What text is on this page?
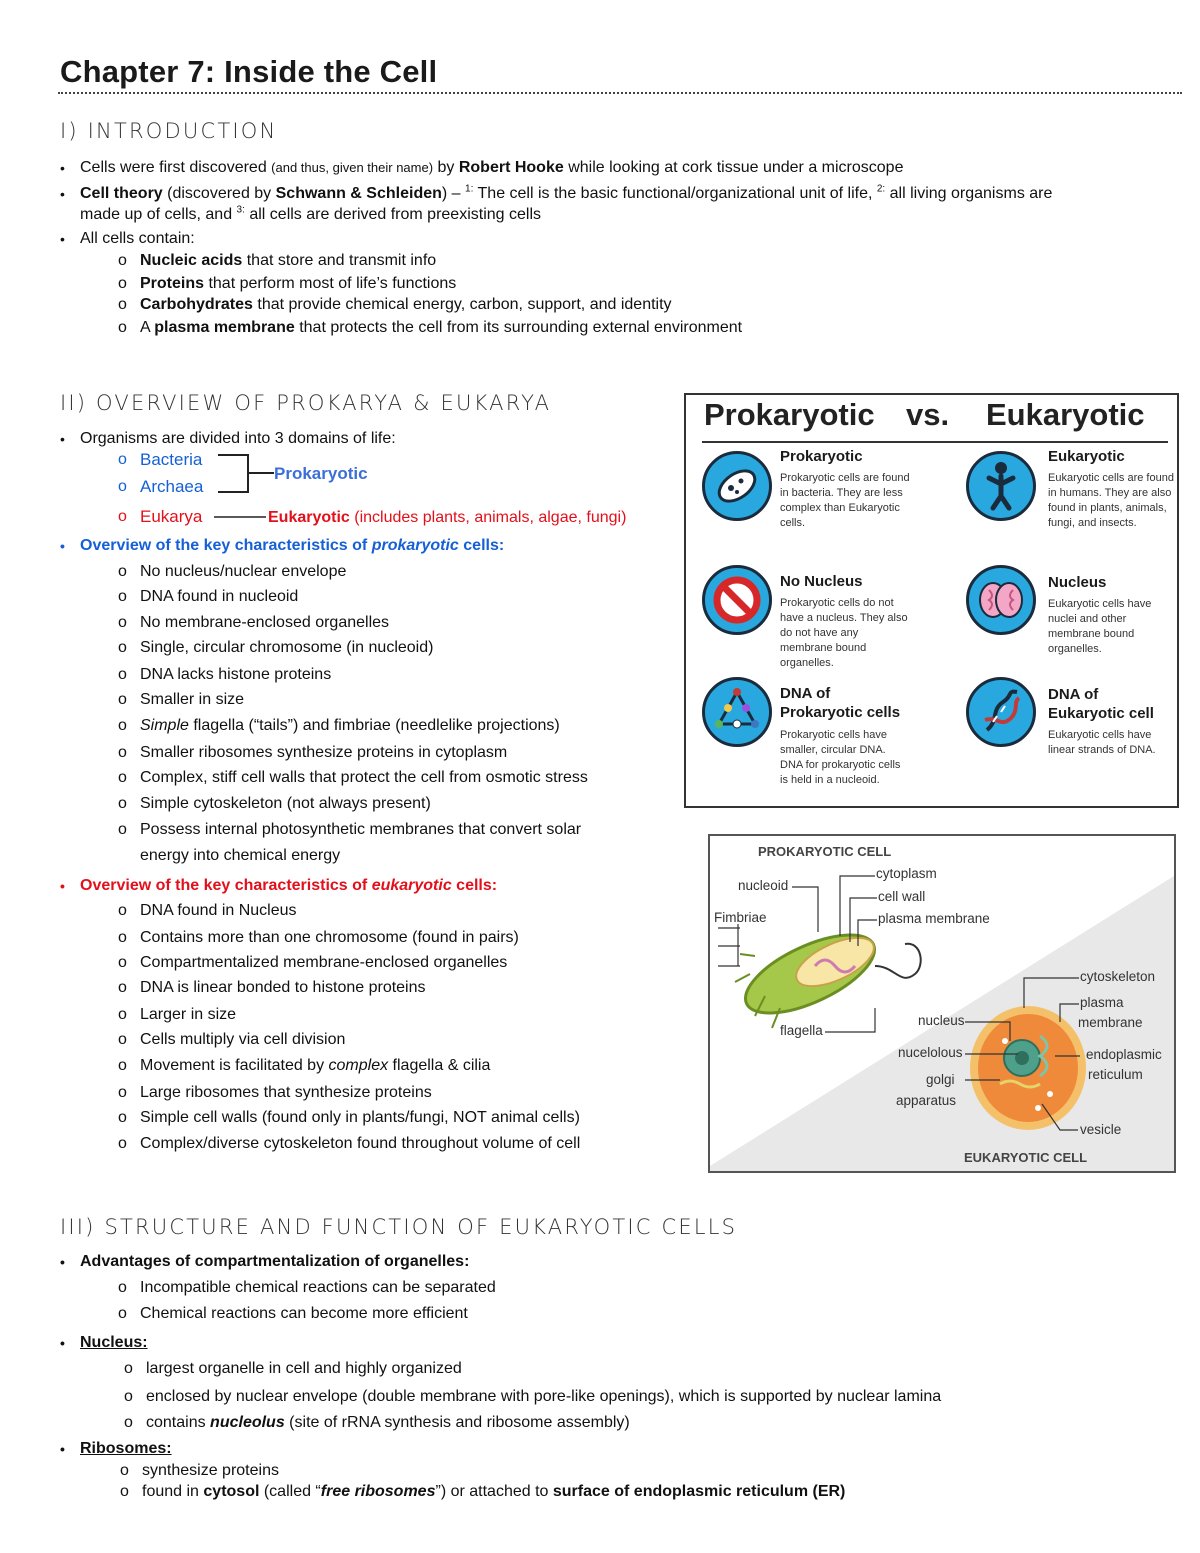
Chapter 7: Inside the Cell
I) INTRODUCTION
• Cells were first discovered (and thus, given their name) by Robert Hooke while looking at cork tissue under a microscope
• Cell theory (discovered by Schwann & Schleiden) – $^{1:}$ The cell is the basic functional/organizational unit of life, $^{2:}$ all living organisms are
made up of cells, and $^{3:}$ all cells are derived from preexisting cells
• All cells contain:
o Nucleic acids that store and transmit info
o Proteins that perform most of life’s functions
o Carbohydrates that provide chemical energy, carbon, support, and identity
o A plasma membrane that protects the cell from its surrounding external environment
II) OVERVIEW OF PROKARYA & EUKARYA
• Organisms are divided into 3 domains of life:
o Bacteria
o Archaea
Prokaryotic
o Eukarya	Eukaryotic (includes plants, animals, algae, fungi)
• Overview of the key characteristics of prokaryotic cells:
o No nucleus/nuclear envelope
o DNA found in nucleoid
o No membrane-enclosed organelles
o Single, circular chromosome (in nucleoid)
o DNA lacks histone proteins
o Smaller in size
o Simple flagella (“tails”) and fimbriae (needlelike projections)
o Smaller ribosomes synthesize proteins in cytoplasm
o Complex, stiff cell walls that protect the cell from osmotic stress
o Simple cytoskeleton (not always present)
o Possess internal photosynthetic membranes that convert solar
energy into chemical energy
• Overview of the key characteristics of eukaryotic cells:
o DNA found in Nucleus
o Contains more than one chromosome (found in pairs)
o Compartmentalized membrane-enclosed organelles
o DNA is linear bonded to histone proteins
o Larger in size
o Cells multiply via cell division
o Movement is facilitated by complex flagella & cilia
o Large ribosomes that synthesize proteins
o Simple cell walls (found only in plants/fungi, NOT animal cells)
o Complex/diverse cytoskeleton found throughout volume of cell
Prokaryotic vs. Eukaryotic
Prokaryotic
Prokaryotic cells are found in bacteria. They are less complex than Eukaryotic cells.
Eukaryotic
Eukaryotic cells are found in humans. They are also found in plants, animals, fungi, and insects.
No Nucleus
Prokaryotic cells do not have a nucleus. They also do not have any membrane bound organelles.
Nucleus
Eukaryotic cells have nuclei and other membrane bound organelles.
DNA of
Prokaryotic cells
Prokaryotic cells have smaller, circular DNA. DNA for prokaryotic cells is held in a nucleoid.
DNA of
Eukaryotic cell
Eukaryotic cells have linear strands of DNA.
PROKARYOTIC CELL
nucleoid
cytoplasm
cell wall
plasma membrane
Fimbriae
flagella
cytoskeleton
plasma
membrane
nucleus
nucelolous	endoplasmic
reticulum
golgi
apparatus
vesicle
EUKARYOTIC CELL
III) STRUCTURE AND FUNCTION OF EUKARYOTIC CELLS
• Advantages of compartmentalization of organelles:
o Incompatible chemical reactions can be separated
o Chemical reactions can become more efficient
• Nucleus:
o largest organelle in cell and highly organized
o enclosed by nuclear envelope (double membrane with pore-like openings), which is supported by nuclear lamina
o contains nucleolus (site of rRNA synthesis and ribosome assembly)
• Ribosomes:
o synthesize proteins
o found in cytosol (called “free ribosomes”) or attached to surface of endoplasmic reticulum (ER)
